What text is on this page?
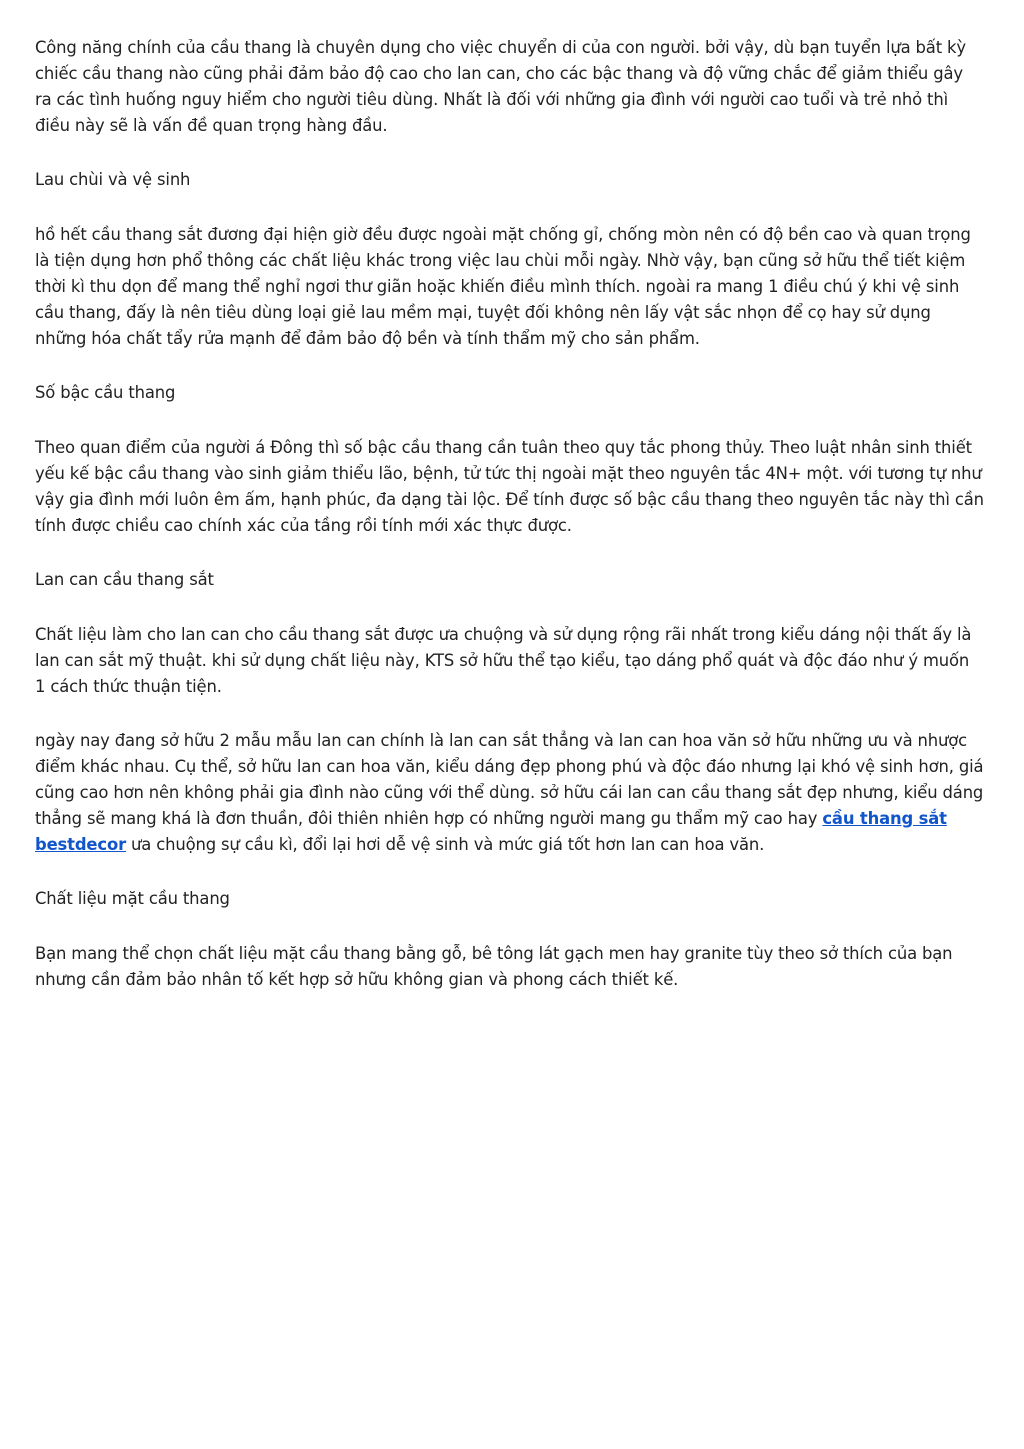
Công năng chính của cầu thang là chuyên dụng cho việc chuyển di của con người. bởi vậy, dù bạn tuyển lựa bất kỳ chiếc cầu thang nào cũng phải đảm bảo độ cao cho lan can, cho các bậc thang và độ vững chắc để giảm thiểu gây ra các tình huống nguy hiểm cho người tiêu dùng. Nhất là đối với những gia đình với người cao tuổi và trẻ nhỏ thì điều này sẽ là vấn đề quan trọng hàng đầu.

Lau chùi và vệ sinh

hồ hết cầu thang sắt đương đại hiện giờ đều được ngoài mặt chống gỉ, chống mòn nên có độ bền cao và quan trọng là tiện dụng hơn phổ thông các chất liệu khác trong việc lau chùi mỗi ngày. Nhờ vậy, bạn cũng sở hữu thể tiết kiệm thời kì thu dọn để mang thể nghỉ ngơi thư giãn hoặc khiến điều mình thích. ngoài ra mang 1 điều chú ý khi vệ sinh cầu thang, đấy là nên tiêu dùng loại giẻ lau mềm mại, tuyệt đối không nên lấy vật sắc nhọn để cọ hay sử dụng những hóa chất tẩy rửa mạnh để đảm bảo độ bền và tính thẩm mỹ cho sản phẩm.

Số bậc cầu thang

Theo quan điểm của người á Đông thì số bậc cầu thang cần tuân theo quy tắc phong thủy. Theo luật nhân sinh thiết yếu kế bậc cầu thang vào sinh giảm thiểu lão, bệnh, tử tức thị ngoài mặt theo nguyên tắc 4N+ một. với tương tự như vậy gia đình mới luôn êm ấm, hạnh phúc, đa dạng tài lộc. Để tính được số bậc cầu thang theo nguyên tắc này thì cần tính được chiều cao chính xác của tầng rồi tính mới xác thực được.

Lan can cầu thang sắt

Chất liệu làm cho lan can cho cầu thang sắt được ưa chuộng và sử dụng rộng rãi nhất trong kiểu dáng nội thất ấy là lan can sắt mỹ thuật. khi sử dụng chất liệu này, KTS sở hữu thể tạo kiểu, tạo dáng phổ quát và độc đáo như ý muốn 1 cách thức thuận tiện.

ngày nay đang sở hữu 2 mẫu mẫu lan can chính là lan can sắt thẳng và lan can hoa văn sở hữu những ưu và nhược điểm khác nhau. Cụ thể, sở hữu lan can hoa văn, kiểu dáng đẹp phong phú và độc đáo nhưng lại khó vệ sinh hơn, giá cũng cao hơn nên không phải gia đình nào cũng với thể dùng. sở hữu cái lan can cầu thang sắt đẹp nhưng, kiểu dáng thẳng sẽ mang khá là đơn thuần, đôi thiên nhiên hợp có những người mang gu thẩm mỹ cao hay cầu thang sắt bestdecor ưa chuộng sự cầu kì, đổi lại hơi dễ vệ sinh và mức giá tốt hơn lan can hoa văn.

Chất liệu mặt cầu thang

Bạn mang thể chọn chất liệu mặt cầu thang bằng gỗ, bê tông lát gạch men hay granite tùy theo sở thích của bạn nhưng cần đảm bảo nhân tố kết hợp sở hữu không gian và phong cách thiết kế.
